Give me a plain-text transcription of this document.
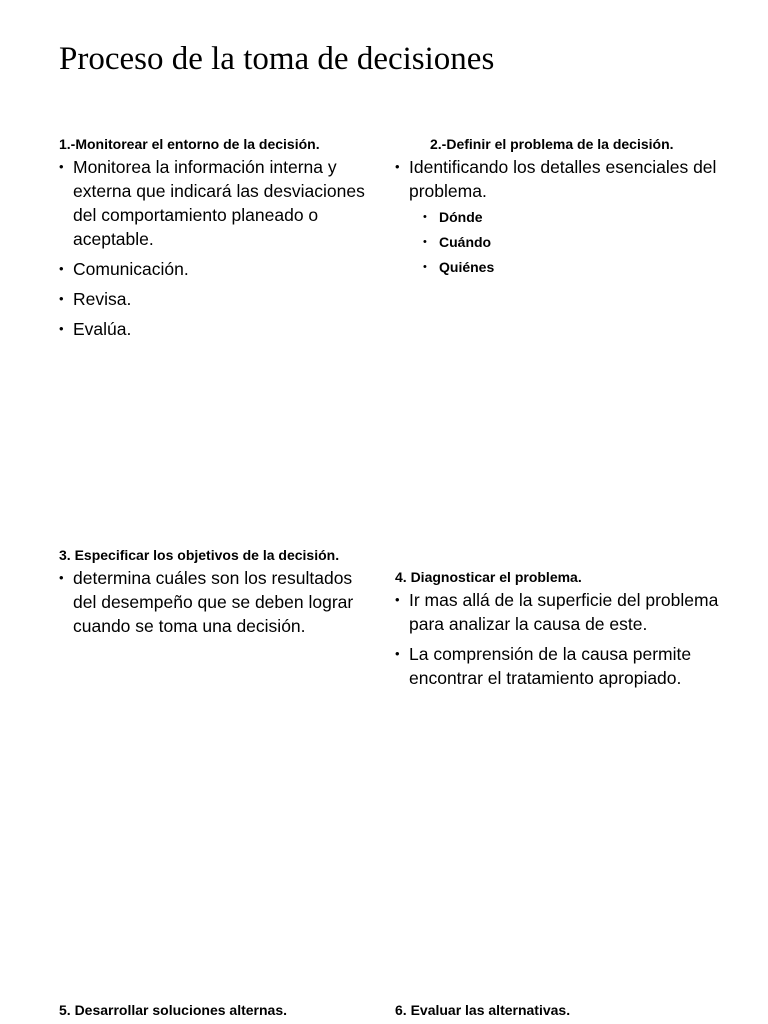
Proceso de la toma de decisiones
1.-Monitorear el entorno de la decisión.
• Monitorea la información interna y externa que indicará las desviaciones del comportamiento planeado o aceptable.
• Comunicación.
• Revisa.
• Evalúa.
2.-Definir el problema de la decisión.
• Identificando los detalles esenciales del problema.
• Dónde
• Cuándo
• Quiénes
3. Especificar los objetivos de la decisión.
• determina cuáles son los resultados del desempeño que se deben lograr cuando se toma una decisión.
4. Diagnosticar el problema.
• Ir mas allá de la superficie del problema para analizar la causa de este.
• La comprensión de la causa permite encontrar el tratamiento apropiado.
5. Desarrollar soluciones alternas.	6. Evaluar las alternativas.
